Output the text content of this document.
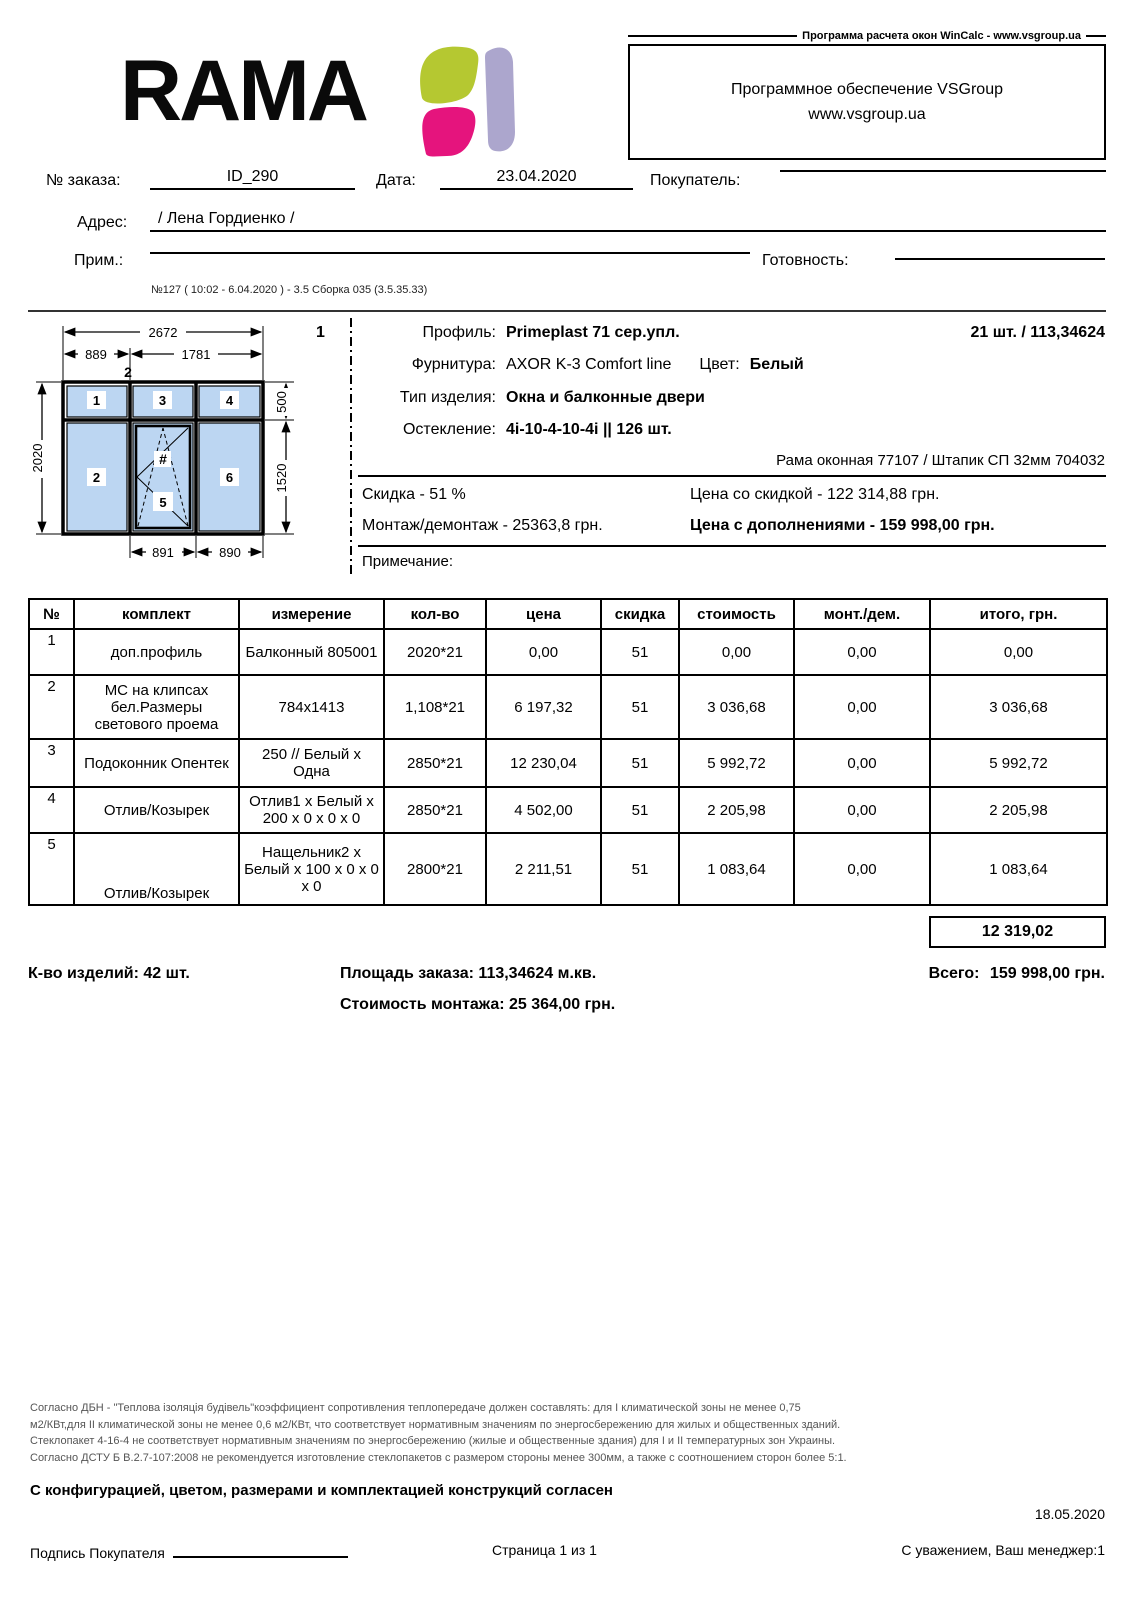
Программа расчета окон WinCalc - www.vsgroup.ua
Программное обеспечение VSGroup
www.vsgroup.ua
RAMA
№ заказа:	ID_290	Дата:	23.04.2020	Покупатель:
Адрес:	/ Лена Гордиенко /
Прим.:	Готовность:
№127 ( 10:02 - 6.04.2020 ) - 3.5 Сборка 035 (3.5.35.33)
2672
889	1781
2020
500
1520
891	890
2
#
1	3	4
2
5
6
1	Профиль: Primeplast 71 сер.упл.	21 шт. / 113,34624
Фурнитура: AXOR K-3 Comfort line Цвет: Белый
Тип изделия: Окна и балконные двери
Остекление: 4i-10-4-10-4i || 126 шт.
Рама оконная 77107 / Штапик СП 32мм 704032
Скидка - 51 %	Цена со скидкой - 122 314,88 грн.
Монтаж/демонтаж - 25363,8 грн.	Цена с дополнениями - 159 998,00 грн.
Примечание:
№	комплект	измерение	кол-во	цена	скидка	стоимость	монт./дем.	итого, грн.
1	доп.профиль	Балконный 805001	2020*21	0,00	51	0,00	0,00	0,00
2	МС на клипсах бел.Размеры светового проема	784х1413	1,108*21	6 197,32	51	3 036,68	0,00	3 036,68
3	Подоконник Опентек	250 // Белый х Одна	2850*21	12 230,04	51	5 992,72	0,00	5 992,72
4	Отлив/Козырек	Отлив1 х Белый х 200 х 0 х 0 х 0	2850*21	4 502,00	51	2 205,98	0,00	2 205,98
5	Отлив/Козырек	Нащельник2 х Белый х 100 х 0 х 0 х 0	2800*21	2 211,51	51	1 083,64	0,00	1 083,64
12 319,02
К-во изделий: 42 шт.	Площадь заказа: 113,34624 м.кв.	Всего: 159 998,00 грн.
Стоимость монтажа: 25 364,00 грн.
Согласно ДБН - "Теплова ізоляція будівель"коэффициент сопротивления теплопередаче должен составлять: для I климатической зоны не менее 0,75
м2/КВт,для II климатической зоны не менее 0,6 м2/КВт, что соответствует нормативным значениям по энергосбережению для жилых и общественных зданий.
Стеклопакет 4-16-4 не соответствует нормативным значениям по энергосбережению (жилые и общественные здания) для I и II температурных зон Украины.
Согласно ДСТУ Б В.2.7-107:2008 не рекомендуется изготовление стеклопакетов с размером стороны менее 300мм, а также с соотношением сторон более 5:1.
С конфигурацией, цветом, размерами и комплектацией конструкций согласен
18.05.2020
Подпись Покупателя	Страница 1 из 1	С уважением, Ваш менеджер:1
